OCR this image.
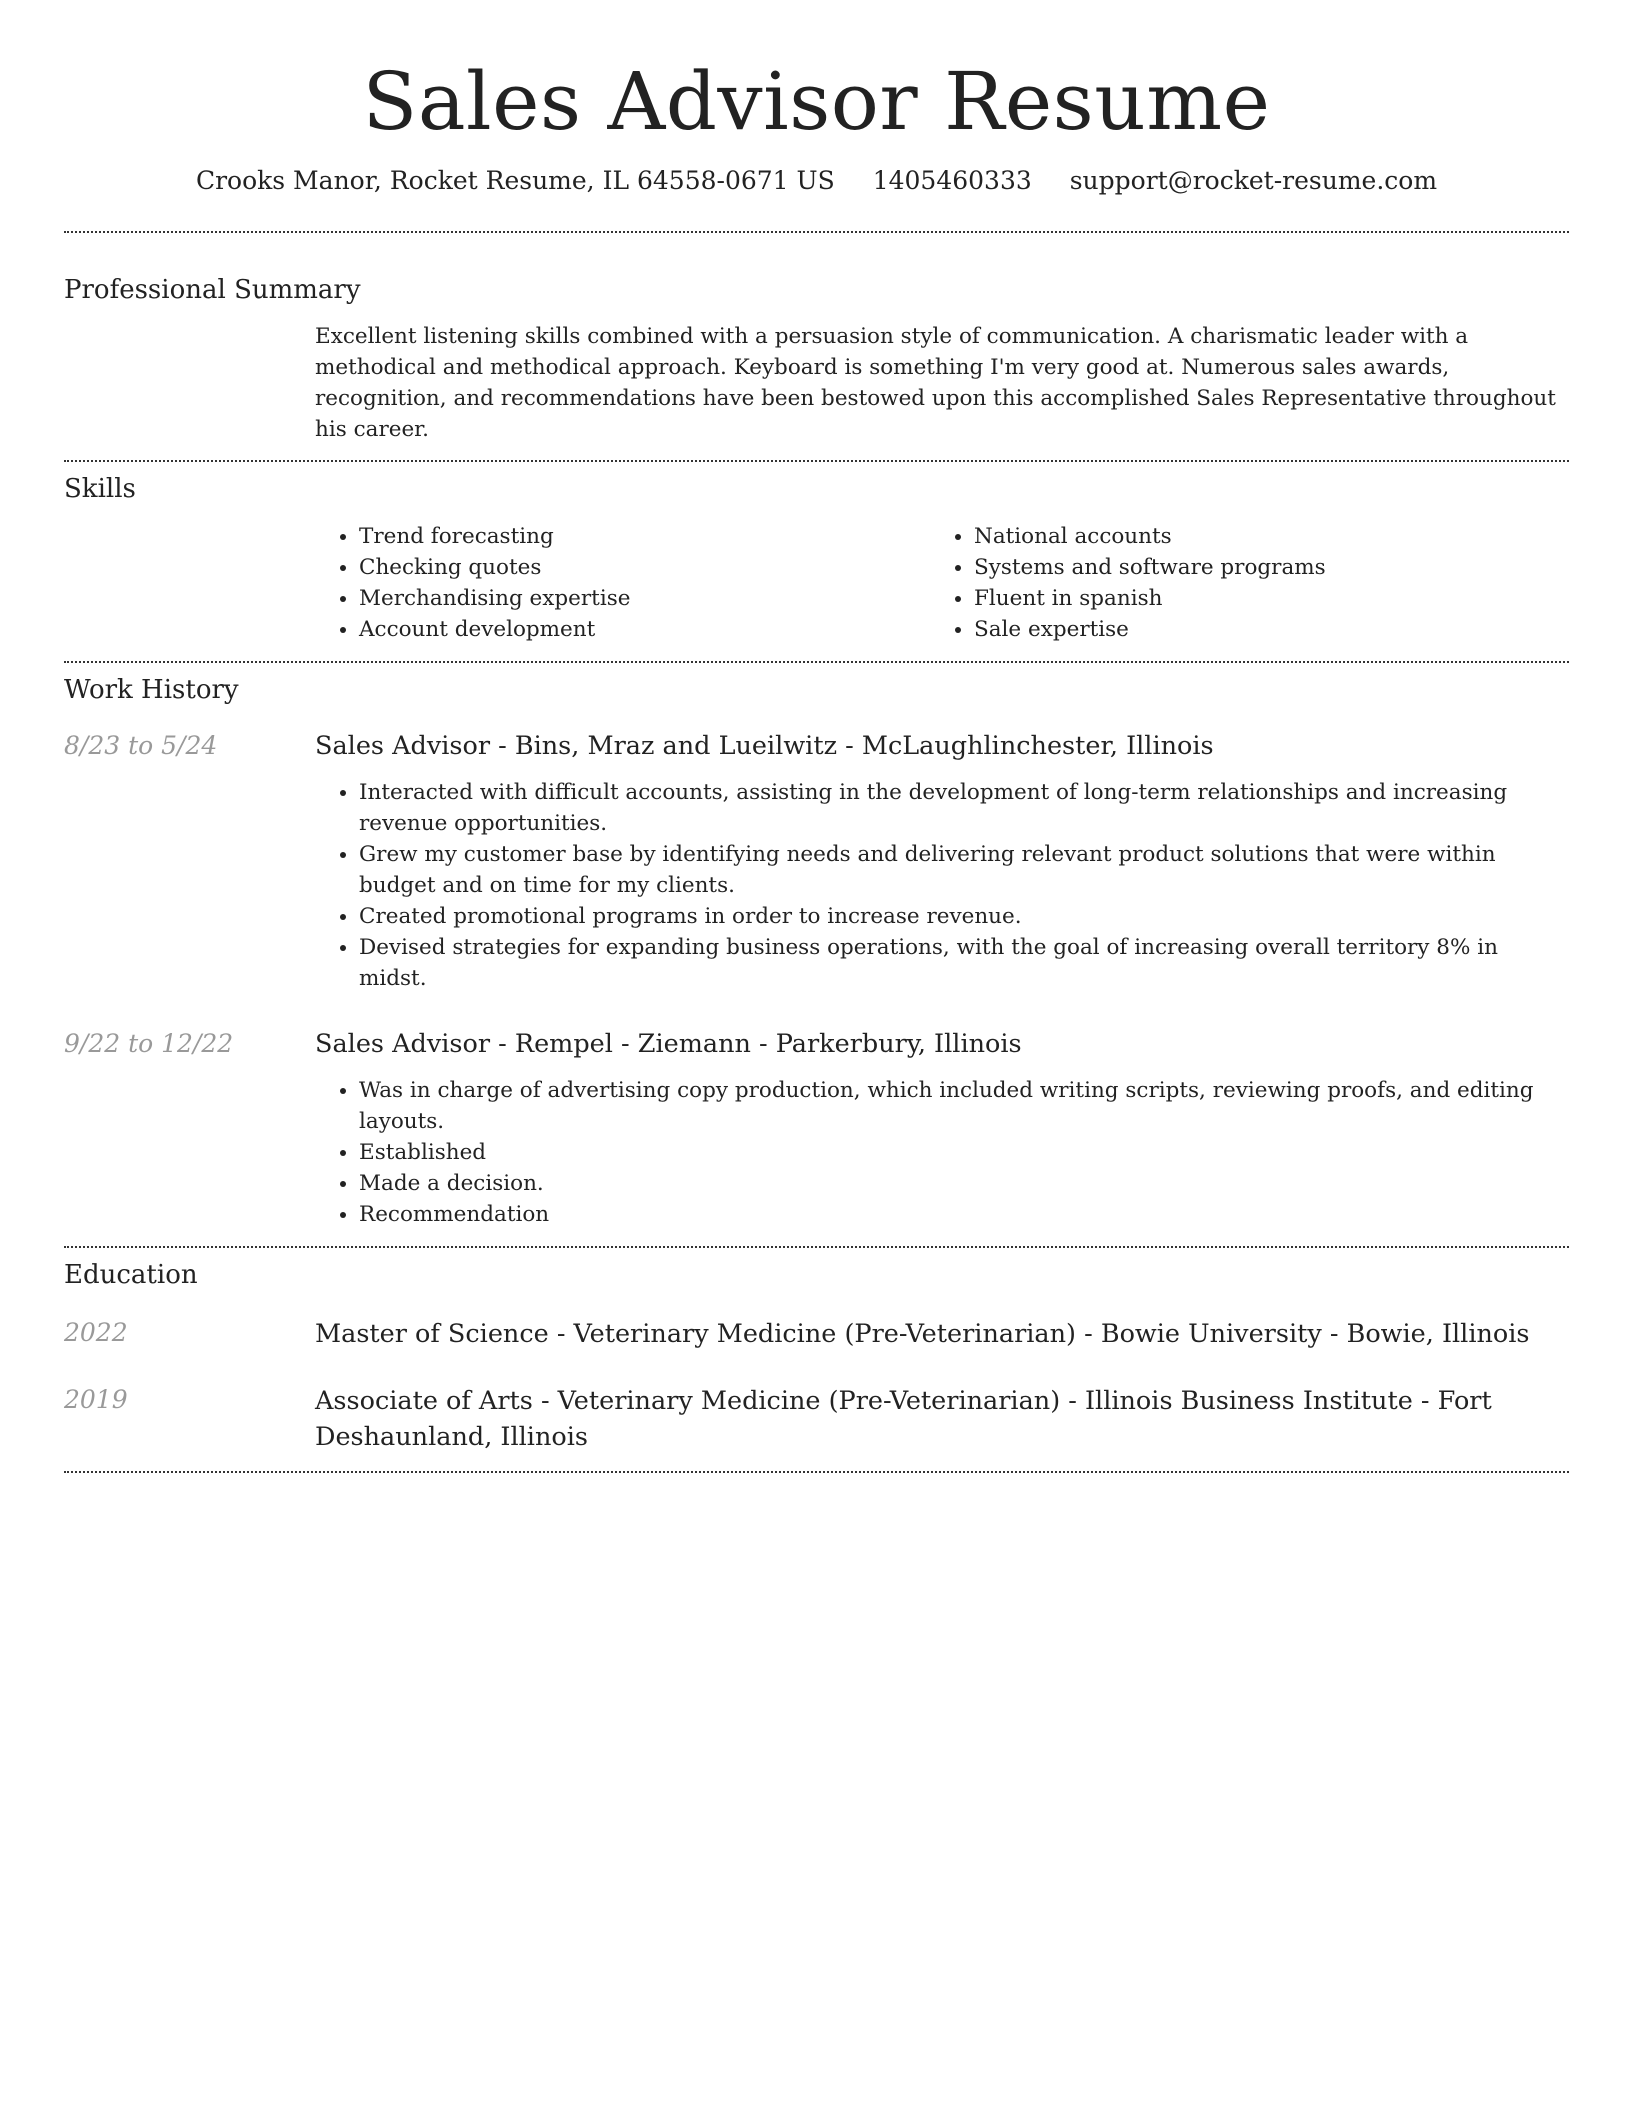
Sales Advisor Resume
Crooks Manor, Rocket Resume, IL 64558-0671 US 1405460333 support@rocket-resume.com
Professional Summary
Excellent listening skills combined with a persuasion style of communication. A charismatic leader with a methodical and methodical approach. Keyboard is something I'm very good at. Numerous sales awards, recognition, and recommendations have been bestowed upon this accomplished Sales Representative throughout his career.
Skills
• Trend forecasting
• Checking quotes
• Merchandising expertise
• Account development
• National accounts
• Systems and software programs
• Fluent in spanish
• Sale expertise
Work History
8/23 to 5/24	Sales Advisor - Bins, Mraz and Lueilwitz - McLaughlinchester, Illinois
• Interacted with difficult accounts, assisting in the development of long-term relationships and increasing revenue opportunities.
• Grew my customer base by identifying needs and delivering relevant product solutions that were within budget and on time for my clients.
• Created promotional programs in order to increase revenue.
• Devised strategies for expanding business operations, with the goal of increasing overall territory 8% in midst.
9/22 to 12/22	Sales Advisor - Rempel - Ziemann - Parkerbury, Illinois
• Was in charge of advertising copy production, which included writing scripts, reviewing proofs, and editing layouts.
• Established
• Made a decision.
• Recommendation
Education
2022	Master of Science - Veterinary Medicine (Pre-Veterinarian) - Bowie University - Bowie, Illinois
2019	Associate of Arts - Veterinary Medicine (Pre-Veterinarian) - Illinois Business Institute - Fort Deshaunland, Illinois
